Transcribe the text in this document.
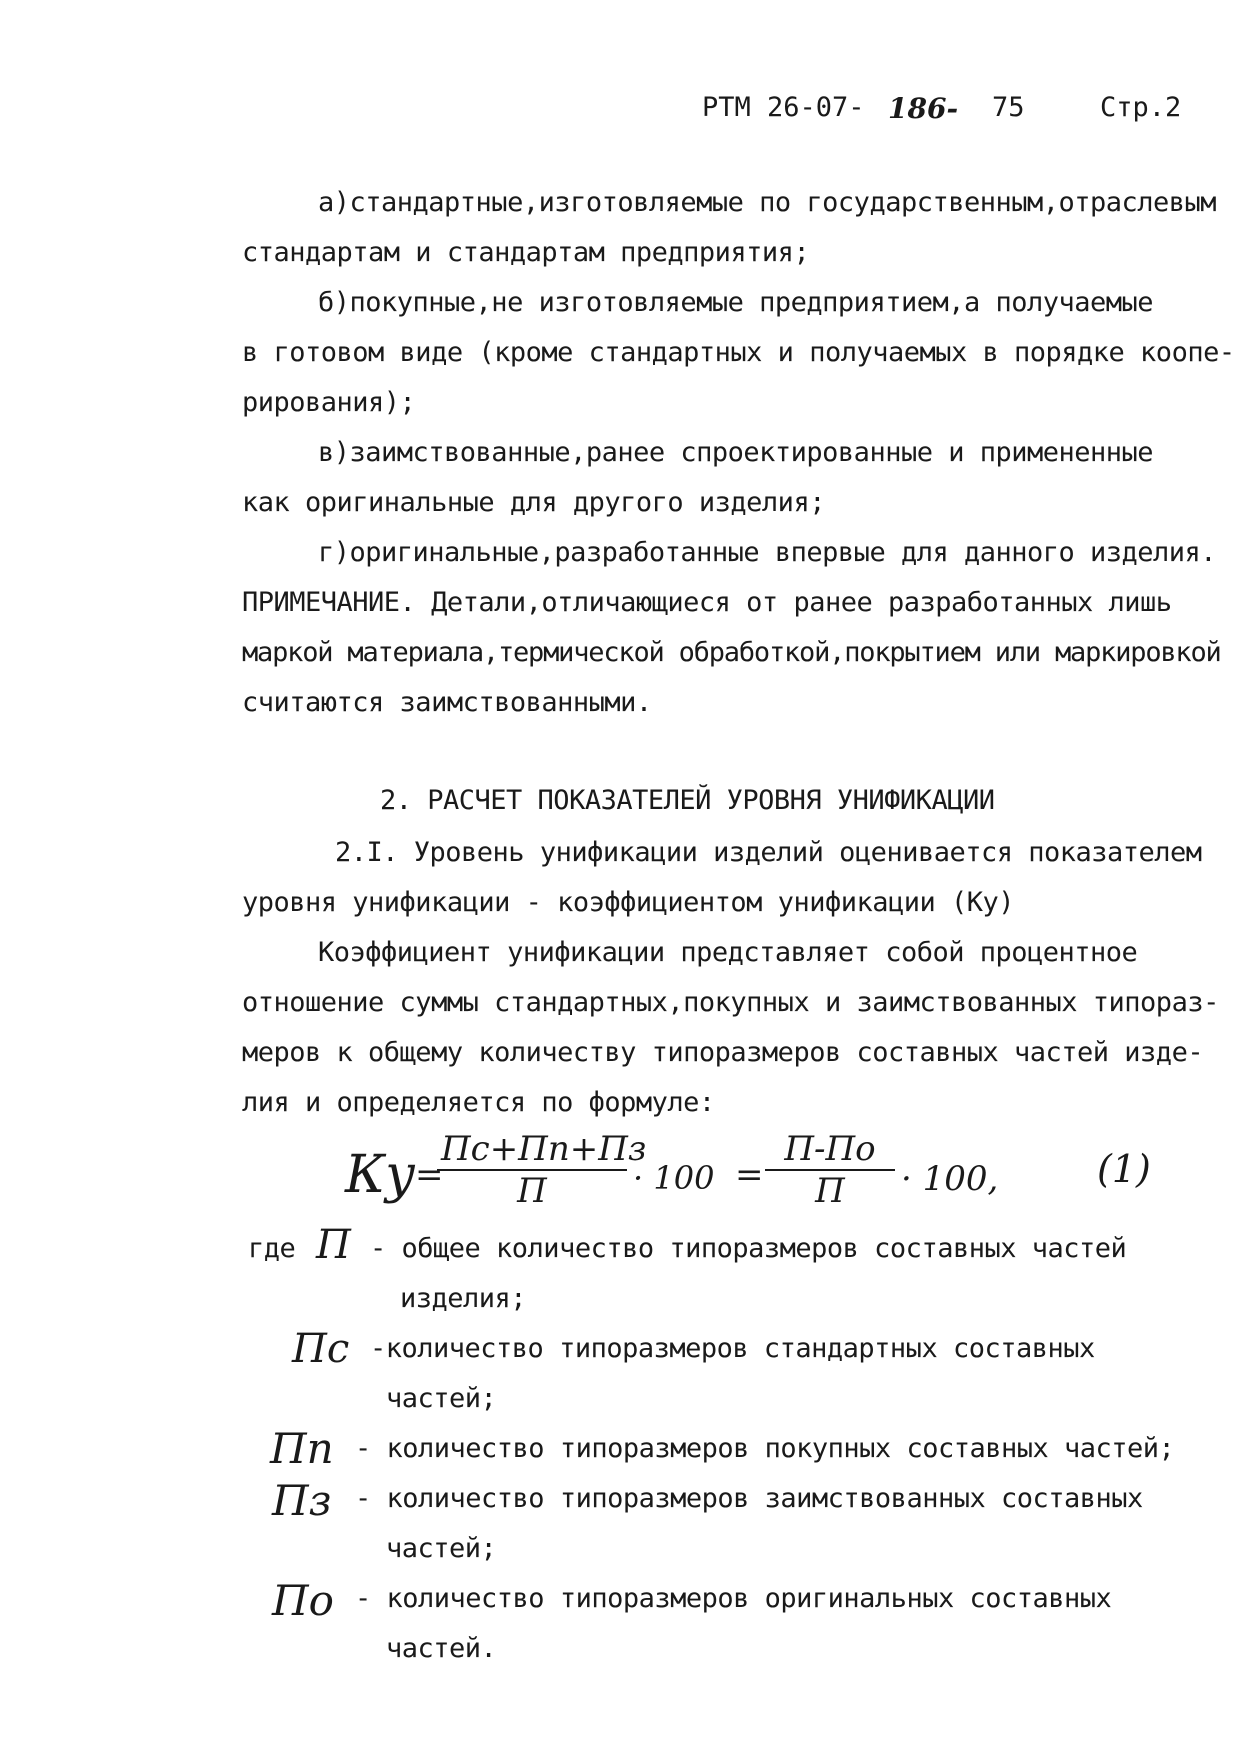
РТМ 26-07- 186- 75	Стр.2
а)стандартные,изготовляемые по государственным,отраслевым
стандартам и стандартам предприятия;
б)покупные,не изготовляемые предприятием,а получаемые
в готовом виде (кроме стандартных и получаемых в порядке коопе-
рирования);
в)заимствованные,ранее спроектированные и примененные
как оригинальные для другого изделия;
г)оригинальные,разработанные впервые для данного изделия.
ПРИМЕЧАНИЕ. Детали,отличающиеся от ранее разработанных лишь
маркой материала,термической обработкой,покрытием или маркировкой
считаются заимствованными.
2. РАСЧЕТ ПОКАЗАТЕЛЕЙ УРОВНЯ УНИФИКАЦИИ
2.I. Уровень унификации изделий оценивается показателем
уровня унификации - коэффициентом унификации (Ку)
Коэффициент унификации представляет собой процентное
отношение суммы стандартных,покупных и заимствованных типораз-
меров к общему количеству типоразмеров составных частей изде-
лия и определяется по формуле:
Ку =
Пс+Пп+Пз
П	· 100 =
П-По
П	· 100,	(1)
где П - общее количество типоразмеров составных частей
изделия;
Пс -количество типоразмеров стандартных составных
частей;
Пп - количество типоразмеров покупных составных частей;
Пз - количество типоразмеров заимствованных составных
частей;
По - количество типоразмеров оригинальных составных
частей.
